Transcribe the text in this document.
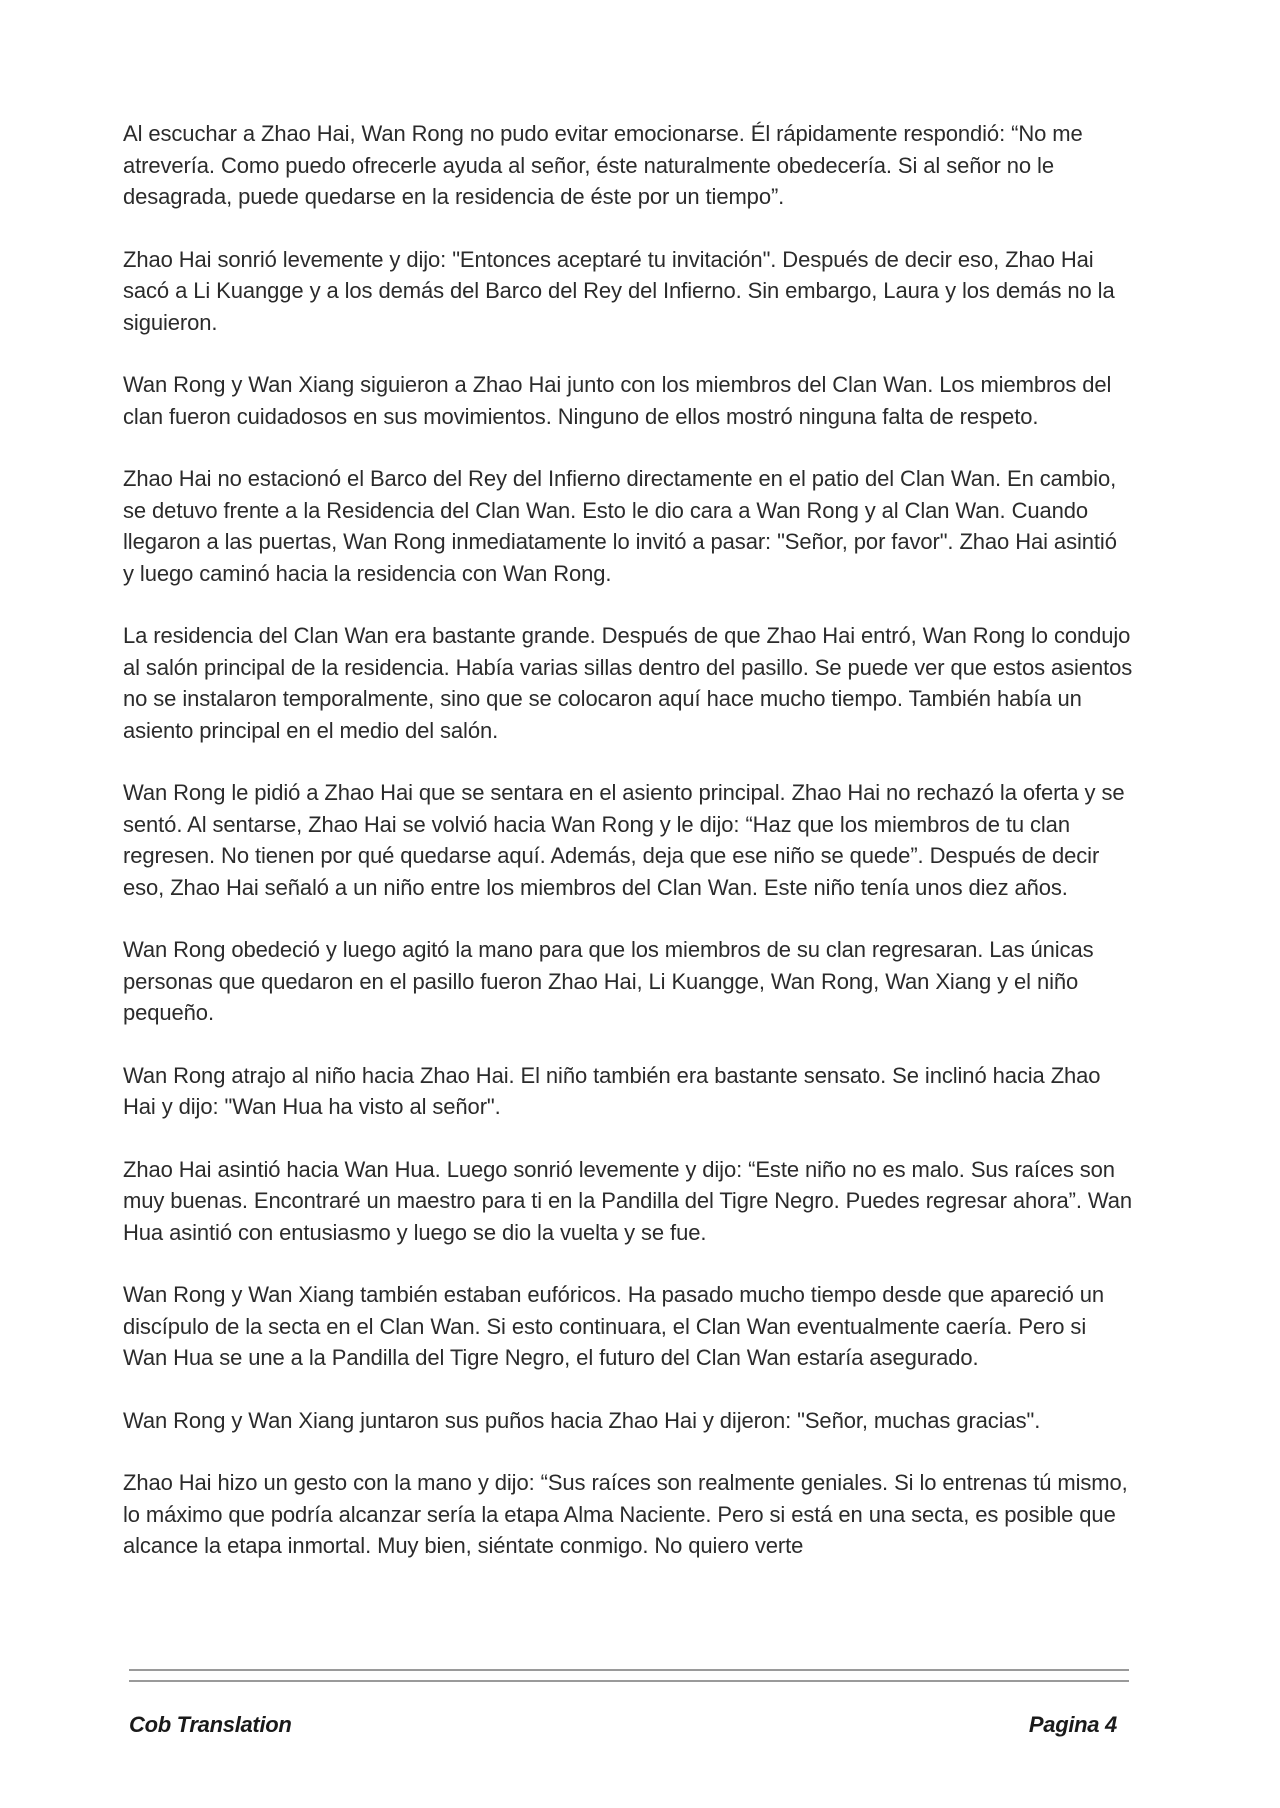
Al escuchar a Zhao Hai, Wan Rong no pudo evitar emocionarse. Él rápidamente respondió: “No me atrevería. Como puedo ofrecerle ayuda al señor, éste naturalmente obedecería. Si al señor no le desagrada, puede quedarse en la residencia de éste por un tiempo”.

Zhao Hai sonrió levemente y dijo: "Entonces aceptaré tu invitación". Después de decir eso, Zhao Hai sacó a Li Kuangge y a los demás del Barco del Rey del Infierno. Sin embargo, Laura y los demás no la siguieron.

Wan Rong y Wan Xiang siguieron a Zhao Hai junto con los miembros del Clan Wan. Los miembros del clan fueron cuidadosos en sus movimientos. Ninguno de ellos mostró ninguna falta de respeto.

Zhao Hai no estacionó el Barco del Rey del Infierno directamente en el patio del Clan Wan. En cambio, se detuvo frente a la Residencia del Clan Wan. Esto le dio cara a Wan Rong y al Clan Wan. Cuando llegaron a las puertas, Wan Rong inmediatamente lo invitó a pasar: "Señor, por favor". Zhao Hai asintió y luego caminó hacia la residencia con Wan Rong.

La residencia del Clan Wan era bastante grande. Después de que Zhao Hai entró, Wan Rong lo condujo al salón principal de la residencia. Había varias sillas dentro del pasillo. Se puede ver que estos asientos no se instalaron temporalmente, sino que se colocaron aquí hace mucho tiempo. También había un asiento principal en el medio del salón.

Wan Rong le pidió a Zhao Hai que se sentara en el asiento principal. Zhao Hai no rechazó la oferta y se sentó. Al sentarse, Zhao Hai se volvió hacia Wan Rong y le dijo: “Haz que los miembros de tu clan regresen. No tienen por qué quedarse aquí. Además, deja que ese niño se quede”. Después de decir eso, Zhao Hai señaló a un niño entre los miembros del Clan Wan. Este niño tenía unos diez años.

Wan Rong obedeció y luego agitó la mano para que los miembros de su clan regresaran. Las únicas personas que quedaron en el pasillo fueron Zhao Hai, Li Kuangge, Wan Rong, Wan Xiang y el niño pequeño.

Wan Rong atrajo al niño hacia Zhao Hai. El niño también era bastante sensato. Se inclinó hacia Zhao Hai y dijo: "Wan Hua ha visto al señor".

Zhao Hai asintió hacia Wan Hua. Luego sonrió levemente y dijo: “Este niño no es malo. Sus raíces son muy buenas. Encontraré un maestro para ti en la Pandilla del Tigre Negro. Puedes regresar ahora”. Wan Hua asintió con entusiasmo y luego se dio la vuelta y se fue.

Wan Rong y Wan Xiang también estaban eufóricos. Ha pasado mucho tiempo desde que apareció un discípulo de la secta en el Clan Wan. Si esto continuara, el Clan Wan eventualmente caería. Pero si Wan Hua se une a la Pandilla del Tigre Negro, el futuro del Clan Wan estaría asegurado.

Wan Rong y Wan Xiang juntaron sus puños hacia Zhao Hai y dijeron: "Señor, muchas gracias".

Zhao Hai hizo un gesto con la mano y dijo: “Sus raíces son realmente geniales. Si lo entrenas tú mismo, lo máximo que podría alcanzar sería la etapa Alma Naciente. Pero si está en una secta, es posible que alcance la etapa inmortal. Muy bien, siéntate conmigo. No quiero verte

Cob Translation	Pagina 4
